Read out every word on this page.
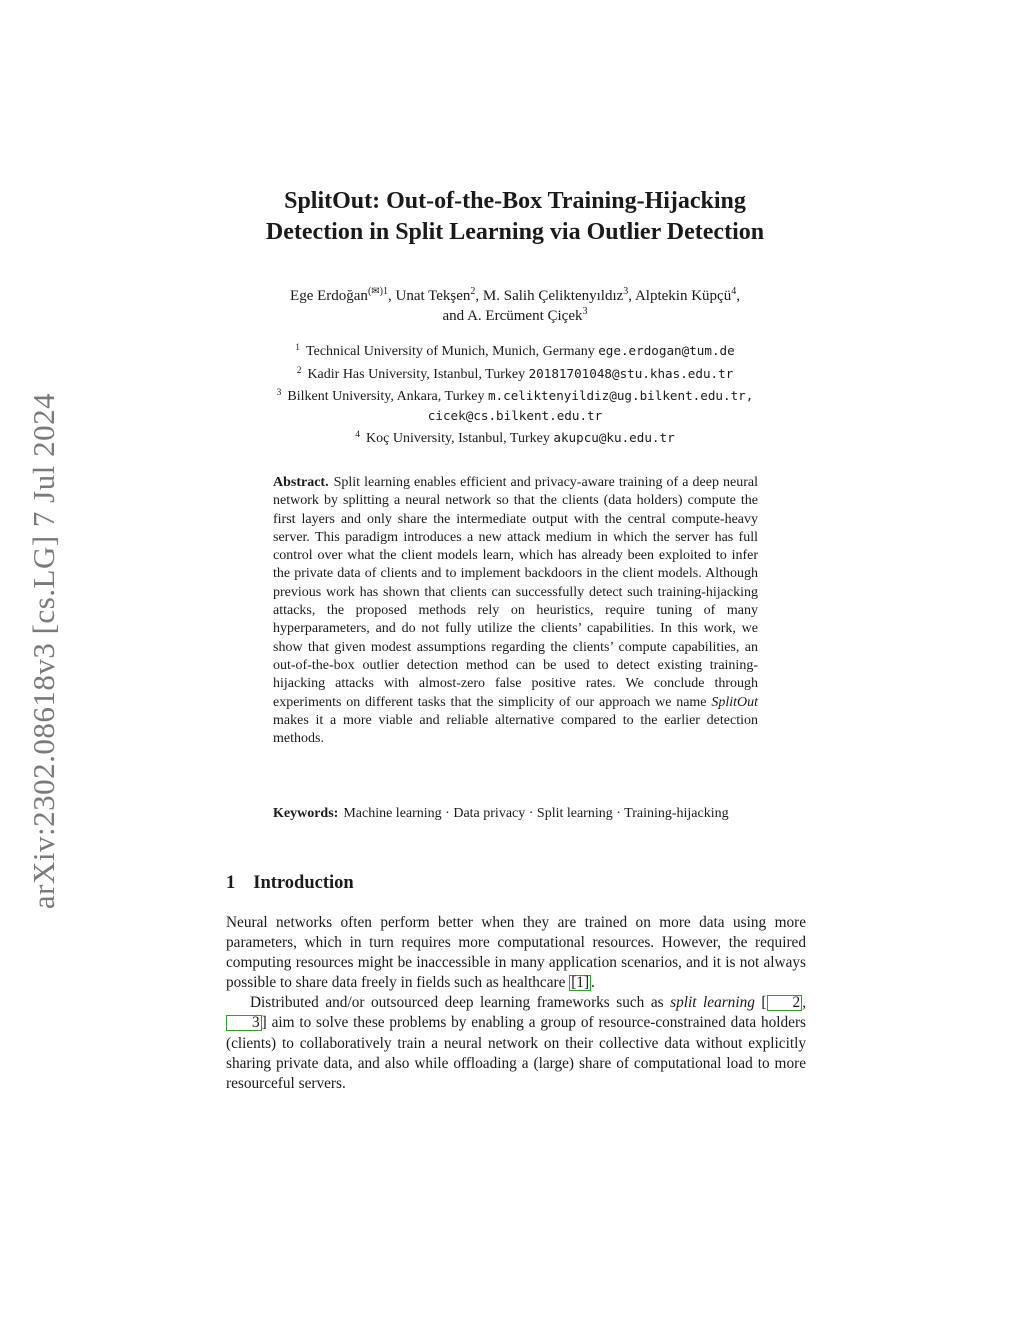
arXiv:2302.08618v3 [cs.LG] 7 Jul 2024
SplitOut: Out-of-the-Box Training-Hijacking
Detection in Split Learning via Outlier Detection
Ege Erdoğan$^{(✉)1}$, Unat Tekşen$^2$, M. Salih Çeliktenyıldız$^3$, Alptekin Küpçü$^4$,
and A. Ercüment Çiçek$^3$
$^1$ Technical University of Munich, Munich, Germany ege.erdogan@tum.de
$^2$ Kadir Has University, Istanbul, Turkey 20181701048@stu.khas.edu.tr
$^3$ Bilkent University, Ankara, Turkey m.celiktenyildiz@ug.bilkent.edu.tr,
cicek@cs.bilkent.edu.tr
$^4$ Koç University, Istanbul, Turkey akupcu@ku.edu.tr
Abstract. Split learning enables efficient and privacy-aware training of a deep neural network by splitting a neural network so that the clients (data holders) compute the first layers and only share the intermediate output with the central compute-heavy server. This paradigm introduces a new attack medium in which the server has full control over what the client models learn, which has already been exploited to infer the private data of clients and to implement backdoors in the client models. Although previous work has shown that clients can successfully detect such training-hijacking attacks, the proposed methods rely on heuristics, require tuning of many hyperparameters, and do not fully utilize the clients’ capabilities. In this work, we show that given modest assumptions regarding the clients’ compute capabilities, an out-of-the-box outlier detection method can be used to detect existing training-hijacking attacks with almost-zero false positive rates. We conclude through experiments on different tasks that the simplicity of our approach we name SplitOut makes it a more viable and reliable alternative compared to the earlier detection methods.
Keywords: Machine learning · Data privacy · Split learning · Training-hijacking
1 Introduction

Neural networks often perform better when they are trained on more data using more parameters, which in turn requires more computational resources. However, the required computing resources might be inaccessible in many application scenarios, and it is not always possible to share data freely in fields such as healthcare [1] .

Distributed and/or outsourced deep learning frameworks such as split learning [ 2 , 3 ] aim to solve these problems by enabling a group of resource-constrained data holders (clients) to collaboratively train a neural network on their collective data without explicitly sharing private data, and also while offloading a (large) share of computational load to more resourceful servers.
